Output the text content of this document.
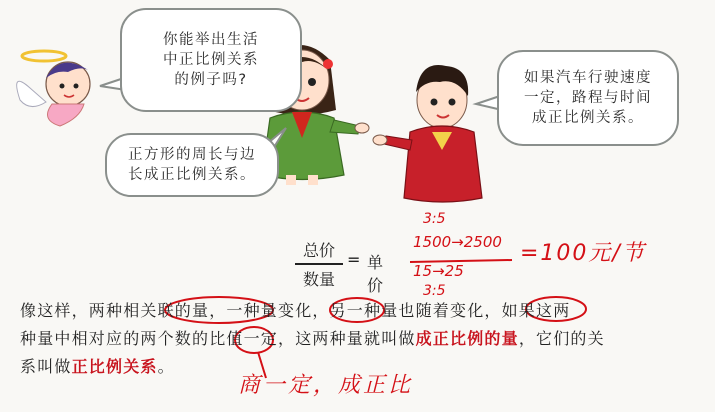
你能举出生活
中正比例关系
的例子吗?
正方形的周长与边
长成正比例关系。
如果汽车行驶速度
一定，路程与时间
成正比例关系。
总价
数量
= 单价
3:5
1500→2500
15→25
3:5
=100元/节
像这样，两种相关联的量，一种量变化，另一种量也随着变化，如果这两
种量中相对应的两个数的比值一定，这两种量就叫做成正比例的量，它们的关
系叫做正比例关系。
商一定，成正比
